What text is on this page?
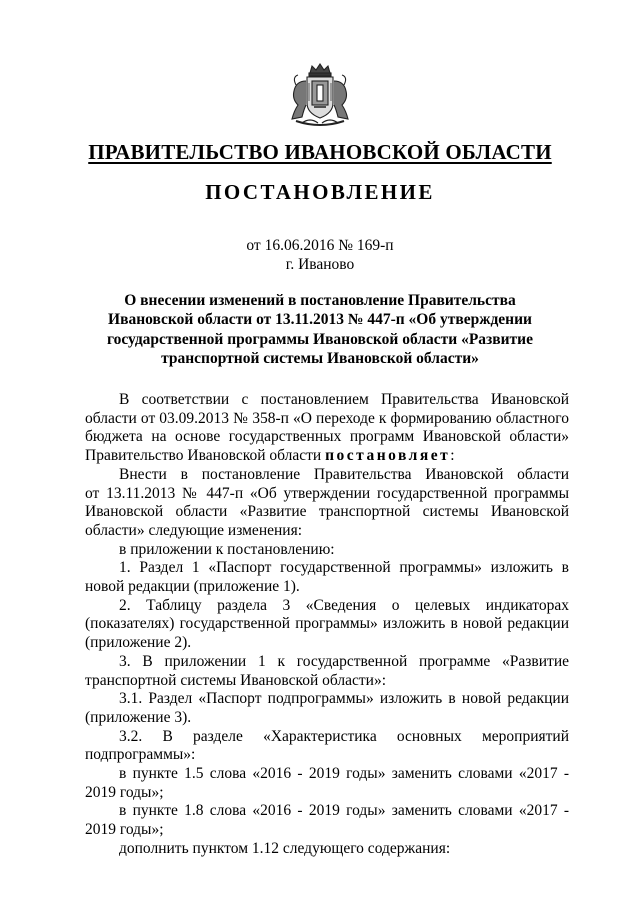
ПРАВИТЕЛЬСТВО ИВАНОВСКОЙ ОБЛАСТИ
ПОСТАНОВЛЕНИЕ
от 16.06.2016 № 169-п
г. Иваново
О внесении изменений в постановление Правительства
Ивановской области от 13.11.2013 № 447-п «Об утверждении
государственной программы Ивановской области «Развитие
транспортной системы Ивановской области»
В соответствии с постановлением Правительства Ивановской
области от 03.09.2013 № 358-п «О переходе к формированию областного
бюджета на основе государственных программ Ивановской области»
Правительство Ивановской области постановляет:
Внести в постановление Правительства Ивановской области
от 13.11.2013 № 447-п «Об утверждении государственной программы
Ивановской области «Развитие транспортной системы Ивановской
области» следующие изменения:
в приложении к постановлению:
1. Раздел 1 «Паспорт государственной программы» изложить в
новой редакции (приложение 1).
2. Таблицу раздела 3 «Сведения о целевых индикаторах
(показателях) государственной программы» изложить в новой редакции
(приложение 2).
3. В приложении 1 к государственной программе «Развитие
транспортной системы Ивановской области»:
3.1. Раздел «Паспорт подпрограммы» изложить в новой редакции
(приложение 3).
3.2. В разделе «Характеристика основных мероприятий
подпрограммы»:
в пункте 1.5 слова «2016 - 2019 годы» заменить словами «2017 -
2019 годы»;
в пункте 1.8 слова «2016 - 2019 годы» заменить словами «2017 -
2019 годы»;
дополнить пунктом 1.12 следующего содержания:
